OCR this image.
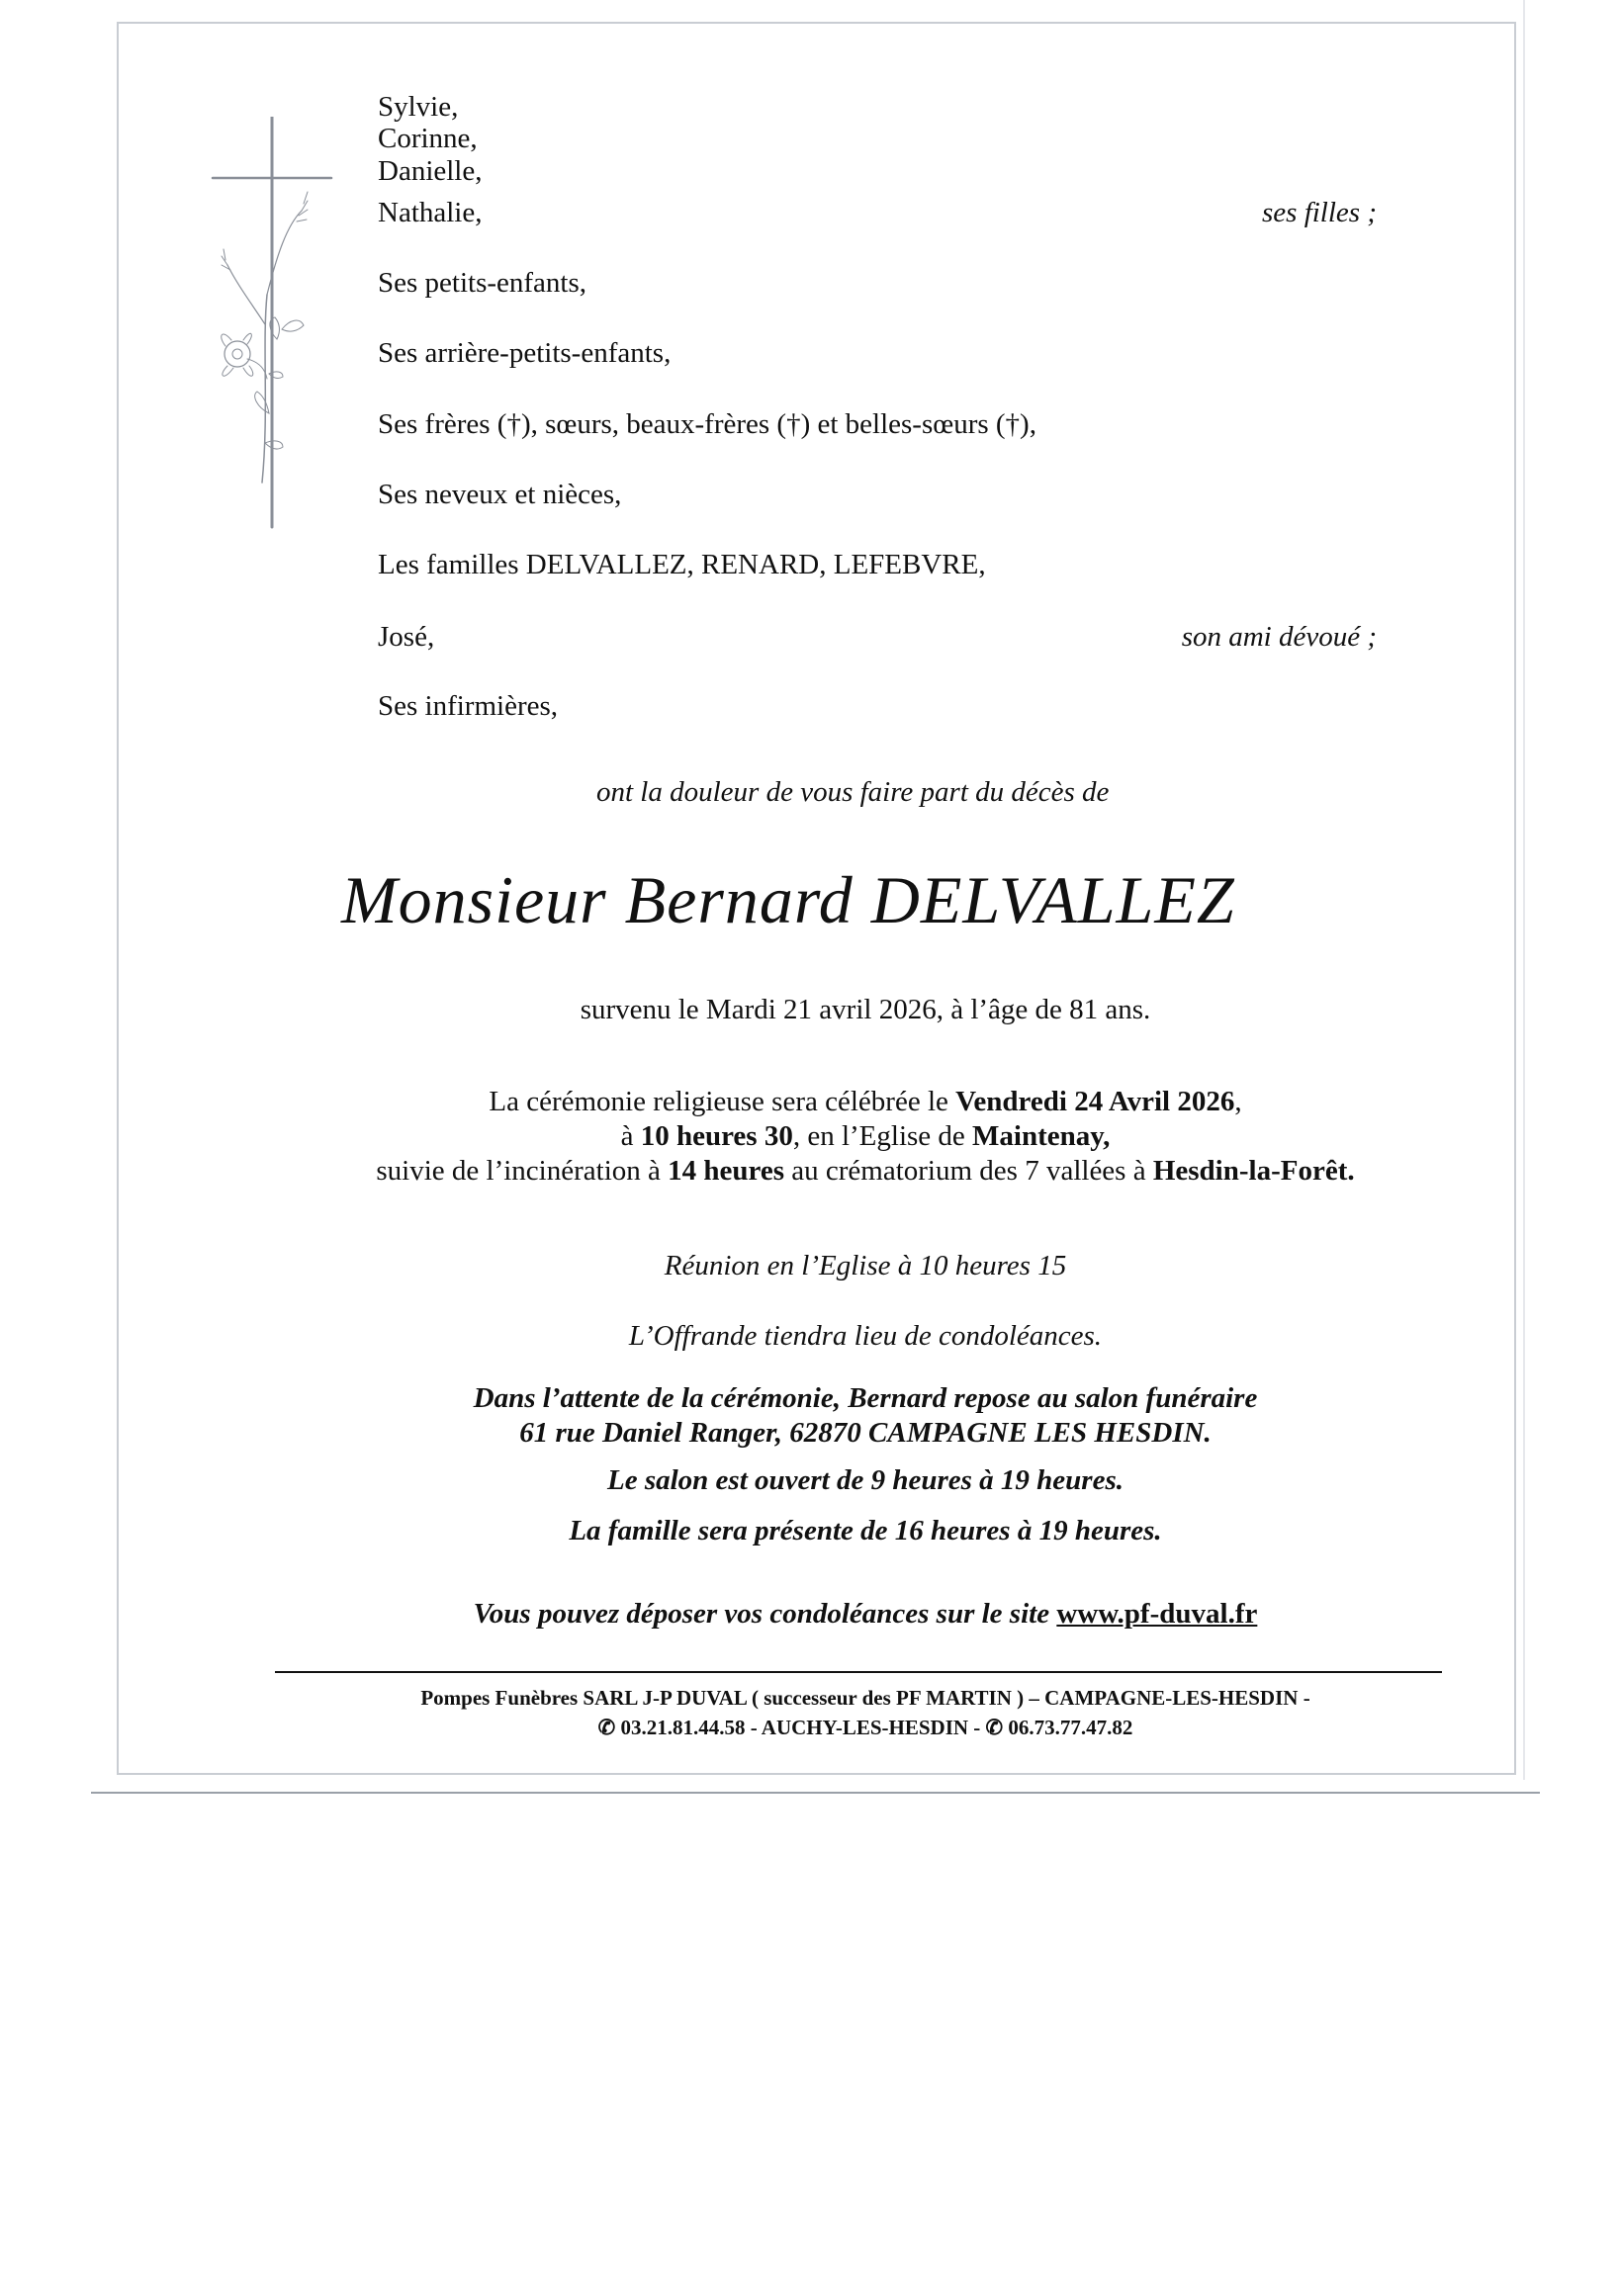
Sylvie,
Corinne,
Danielle,
Nathalie,	ses filles ;
Ses petits-enfants,
Ses arrière-petits-enfants,
Ses frères (†), sœurs, beaux-frères (†) et belles-sœurs (†),
Ses neveux et nièces,
Les familles DELVALLEZ, RENARD, LEFEBVRE,
José,	son ami dévoué ;
Ses infirmières,
ont la douleur de vous faire part du décès de
Monsieur Bernard DELVALLEZ
survenu le Mardi 21 avril 2026, à l’âge de 81 ans.
La cérémonie religieuse sera célébrée le Vendredi 24 Avril 2026,
à 10 heures 30, en l’Eglise de Maintenay,
suivie de l’incinération à 14 heures au crématorium des 7 vallées à Hesdin-la-Forêt.
Réunion en l’Eglise à 10 heures 15
L’Offrande tiendra lieu de condoléances.
Dans l’attente de la cérémonie, Bernard repose au salon funéraire
61 rue Daniel Ranger, 62870 CAMPAGNE LES HESDIN.
Le salon est ouvert de 9 heures à 19 heures.
La famille sera présente de 16 heures à 19 heures.
Vous pouvez déposer vos condoléances sur le site www.pf-duval.fr
Pompes Funèbres SARL J-P DUVAL ( successeur des PF MARTIN ) – CAMPAGNE-LES-HESDIN -
✆ 03.21.81.44.58 - AUCHY-LES-HESDIN - ✆ 06.73.77.47.82
